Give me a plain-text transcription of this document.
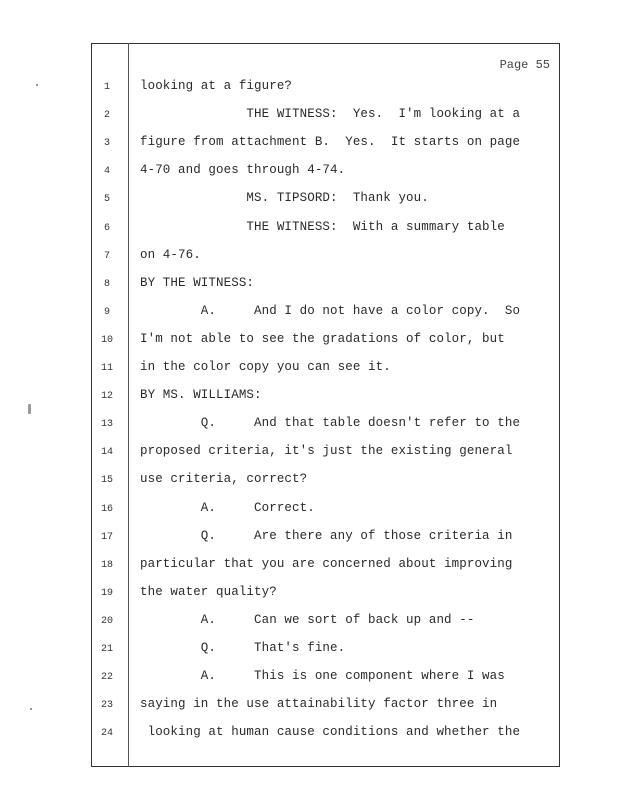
Page 55
1	looking at a figure?
2	THE WITNESS:  Yes.  I'm looking at a
3	figure from attachment B.  Yes.  It starts on page
4	4-70 and goes through 4-74.
5	MS. TIPSORD:  Thank you.
6	THE WITNESS:  With a summary table
7	on 4-76.
8	BY THE WITNESS:
9	A.     And I do not have a color copy.  So
10	I'm not able to see the gradations of color, but
11	in the color copy you can see it.
12	BY MS. WILLIAMS:
13	Q.     And that table doesn't refer to the
14	proposed criteria, it's just the existing general
15	use criteria, correct?
16	A.     Correct.
17	Q.     Are there any of those criteria in
18	particular that you are concerned about improving
19	the water quality?
20	A.     Can we sort of back up and --
21	Q.     That's fine.
22	A.     This is one component where I was
23	saying in the use attainability factor three in
24	looking at human cause conditions and whether the
